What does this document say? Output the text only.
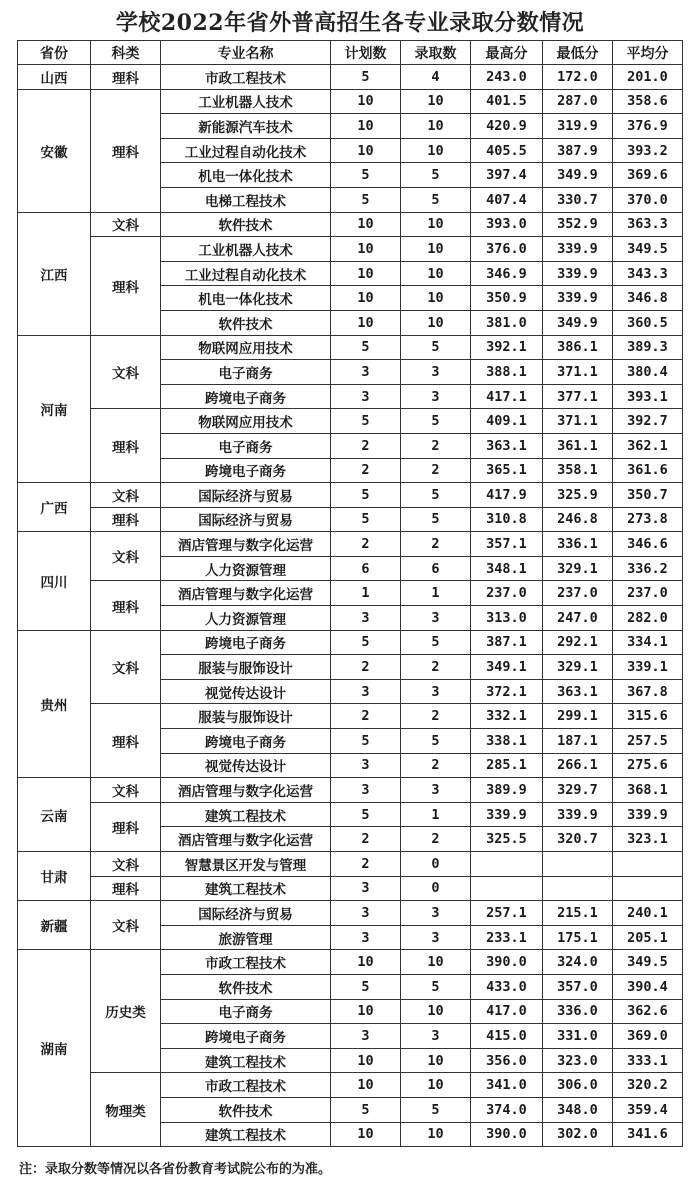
学校2022年省外普高招生各专业录取分数情况
省份	科类	专业名称	计划数	录取数	最高分	最低分	平均分
山西	理科	市政工程技术	5	4	243.0	172.0	201.0
安徽	理科	工业机器人技术	10	10	401.5	287.0	358.6
		新能源汽车技术	10	10	420.9	319.9	376.9
		工业过程自动化技术	10	10	405.5	387.9	393.2
		机电一体化技术	5	5	397.4	349.9	369.6
		电梯工程技术	5	5	407.4	330.7	370.0
江西	文科	软件技术	10	10	393.0	352.9	363.3
	理科	工业机器人技术	10	10	376.0	339.9	349.5
		工业过程自动化技术	10	10	346.9	339.9	343.3
		机电一体化技术	10	10	350.9	339.9	346.8
		软件技术	10	10	381.0	349.9	360.5
河南	文科	物联网应用技术	5	5	392.1	386.1	389.3
		电子商务	3	3	388.1	371.1	380.4
		跨境电子商务	3	3	417.1	377.1	393.1
	理科	物联网应用技术	5	5	409.1	371.1	392.7
		电子商务	2	2	363.1	361.1	362.1
		跨境电子商务	2	2	365.1	358.1	361.6
广西	文科	国际经济与贸易	5	5	417.9	325.9	350.7
	理科	国际经济与贸易	5	5	310.8	246.8	273.8
四川	文科	酒店管理与数字化运营	2	2	357.1	336.1	346.6
		人力资源管理	6	6	348.1	329.1	336.2
	理科	酒店管理与数字化运营	1	1	237.0	237.0	237.0
		人力资源管理	3	3	313.0	247.0	282.0
贵州	文科	跨境电子商务	5	5	387.1	292.1	334.1
		服装与服饰设计	2	2	349.1	329.1	339.1
		视觉传达设计	3	3	372.1	363.1	367.8
	理科	服装与服饰设计	2	2	332.1	299.1	315.6
		跨境电子商务	5	5	338.1	187.1	257.5
		视觉传达设计	3	2	285.1	266.1	275.6
云南	文科	酒店管理与数字化运营	3	3	389.9	329.7	368.1
	理科	建筑工程技术	5	1	339.9	339.9	339.9
		酒店管理与数字化运营	2	2	325.5	320.7	323.1
甘肃	文科	智慧景区开发与管理	2	0			
	理科	建筑工程技术	3	0			
新疆	文科	国际经济与贸易	3	3	257.1	215.1	240.1
		旅游管理	3	3	233.1	175.1	205.1
湖南	历史类	市政工程技术	10	10	390.0	324.0	349.5
		软件技术	5	5	433.0	357.0	390.4
		电子商务	10	10	417.0	336.0	362.6
		跨境电子商务	3	3	415.0	331.0	369.0
		建筑工程技术	10	10	356.0	323.0	333.1
	物理类	市政工程技术	10	10	341.0	306.0	320.2
		软件技术	5	5	374.0	348.0	359.4
		建筑工程技术	10	10	390.0	302.0	341.6
注：录取分数等情况以各省份教育考试院公布的为准。
